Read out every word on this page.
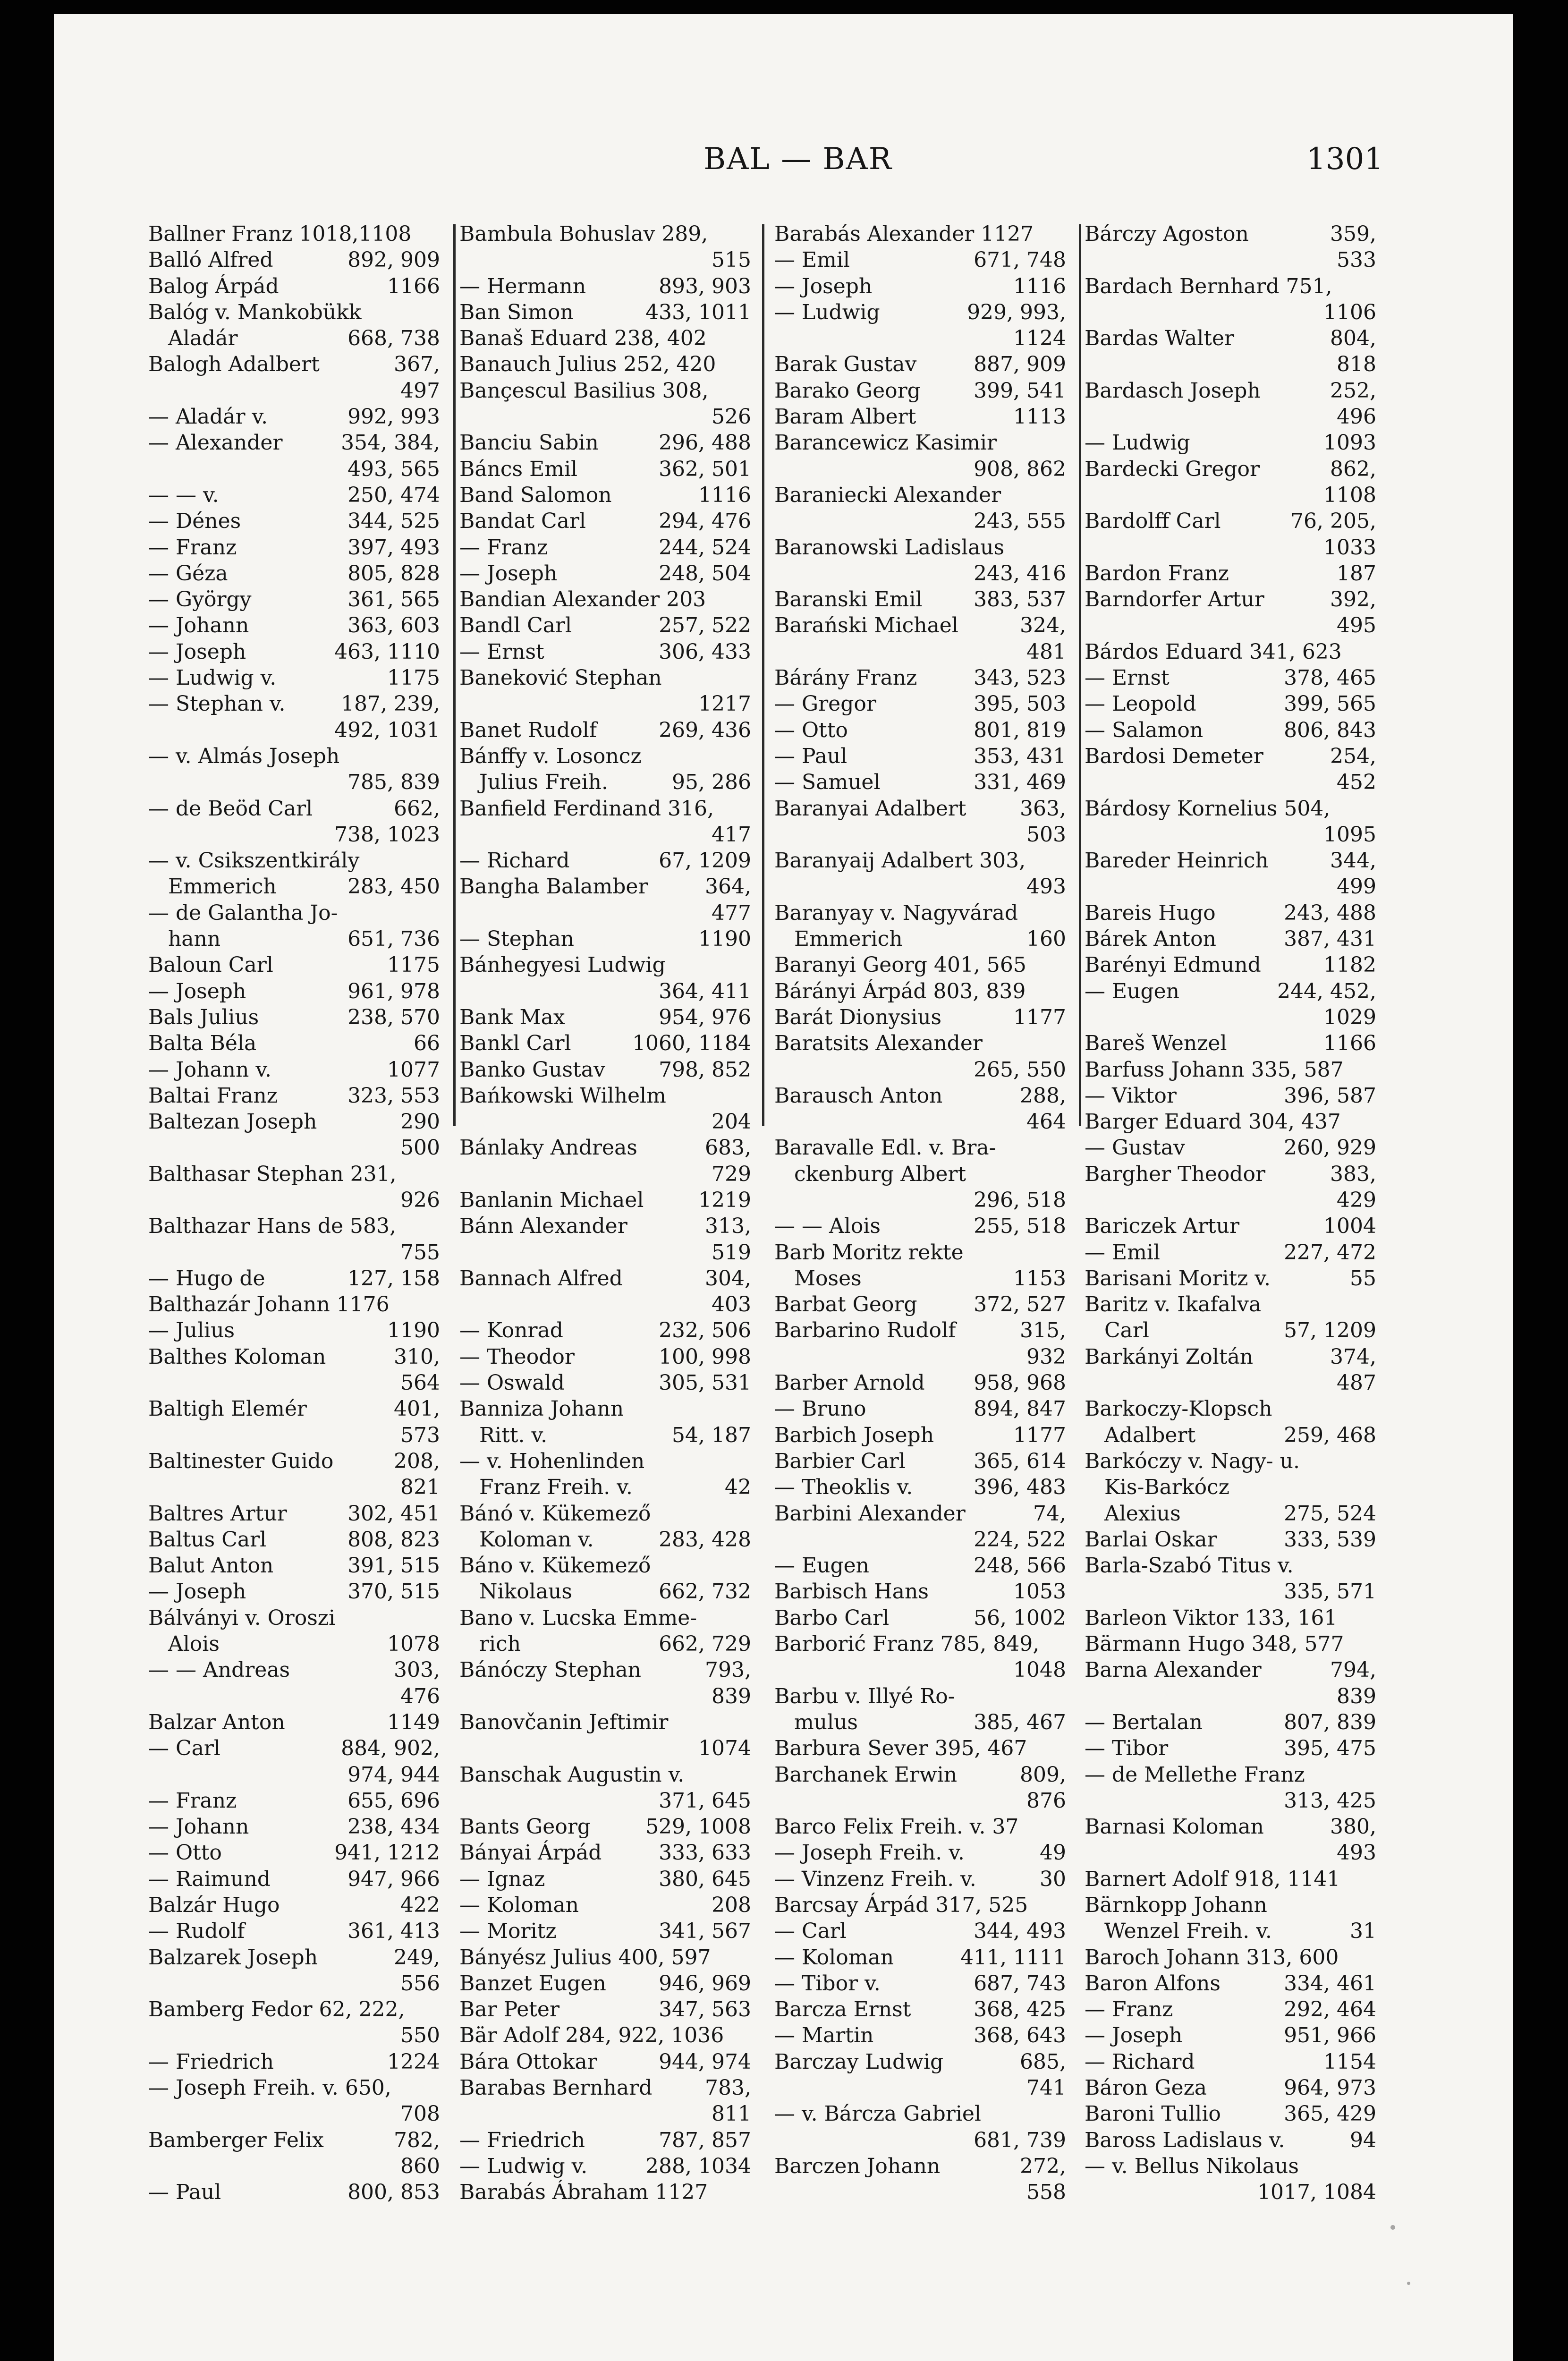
BAL — BAR	1301
Ballner Franz 1018,1108
Balló Alfred	892, 909
Balog Árpád	1166
Balóg v. Mankobükk
Aladár	668, 738
Balogh Adalbert	367,
497
— Aladár v.	992, 993
— Alexander	354, 384,
493, 565
— — v.	250, 474
— Dénes	344, 525
— Franz	397, 493
— Géza	805, 828
— György	361, 565
— Johann	363, 603
— Joseph	463, 1110
— Ludwig v.	1175
— Stephan v.	187, 239,
492, 1031
— v. Almás Joseph
785, 839
— de Beöd Carl	662,
738, 1023
— v. Csikszentkirály
Emmerich	283, 450
— de Galantha Jo-
hann	651, 736
Baloun Carl	1175
— Joseph	961, 978
Bals Julius	238, 570
Balta Béla	66
— Johann v.	1077
Baltai Franz	323, 553
Baltezan Joseph	290
500
Balthasar Stephan 231,
926
Balthazar Hans de 583,
755
— Hugo de	127, 158
Balthazár Johann 1176
— Julius	1190
Balthes Koloman	310,
564
Baltigh Elemér	401,
573
Baltinester Guido	208,
821
Baltres Artur	302, 451
Baltus Carl	808, 823
Balut Anton	391, 515
— Joseph	370, 515
Bálványi v. Oroszi
Alois	1078
— — Andreas	303,
476
Balzar Anton	1149
— Carl	884, 902,
974, 944
— Franz	655, 696
— Johann	238, 434
— Otto	941, 1212
— Raimund	947, 966
Balzár Hugo	422
— Rudolf	361, 413
Balzarek Joseph	249,
556
Bamberg Fedor 62, 222,
550
— Friedrich	1224
— Joseph Freih. v. 650,
708
Bamberger Felix	782,
860
— Paul	800, 853
Bambula Bohuslav 289,
515
— Hermann	893, 903
Ban Simon	433, 1011
Banaš Eduard 238, 402
Banauch Julius 252, 420
Bançescul Basilius 308,
526
Banciu Sabin	296, 488
Báncs Emil	362, 501
Band Salomon	1116
Bandat Carl	294, 476
— Franz	244, 524
— Joseph	248, 504
Bandian Alexander 203
Bandl Carl	257, 522
— Ernst	306, 433
Baneković Stephan
1217
Banet Rudolf	269, 436
Bánffy v. Losoncz
Julius Freih.	95, 286
Banfield Ferdinand 316,
417
— Richard	67, 1209
Bangha Balamber	364,
477
— Stephan	1190
Bánhegyesi Ludwig
364, 411
Bank Max	954, 976
Bankl Carl	1060, 1184
Banko Gustav	798, 852
Bańkowski Wilhelm
204
Bánlaky Andreas	683,
729
Banlanin Michael	1219
Bánn Alexander	313,
519
Bannach Alfred	304,
403
— Konrad	232, 506
— Theodor	100, 998
— Oswald	305, 531
Banniza Johann
Ritt. v.	54, 187
— v. Hohenlinden
Franz Freih. v.	42
Bánó v. Kükemező
Koloman v.	283, 428
Báno v. Kükemező
Nikolaus	662, 732
Bano v. Lucska Emme-
rich	662, 729
Bánóczy Stephan	793,
839
Banovčanin Jeftimir
1074
Banschak Augustin v.
371, 645
Bants Georg	529, 1008
Bányai Árpád	333, 633
— Ignaz	380, 645
— Koloman	208
— Moritz	341, 567
Bányész Julius 400, 597
Banzet Eugen	946, 969
Bar Peter	347, 563
Bär Adolf 284, 922, 1036
Bára Ottokar	944, 974
Barabas Bernhard	783,
811
— Friedrich	787, 857
— Ludwig v.	288, 1034
Barabás Ábraham 1127
Barabás Alexander 1127
— Emil	671, 748
— Joseph	1116
— Ludwig	929, 993,
1124
Barak Gustav	887, 909
Barako Georg	399, 541
Baram Albert	1113
Barancewicz Kasimir
908, 862
Baraniecki Alexander
243, 555
Baranowski Ladislaus
243, 416
Baranski Emil 383, 537
Barański Michael	324,
481
Bárány Franz	343, 523
— Gregor	395, 503
— Otto	801, 819
— Paul	353, 431
— Samuel	331, 469
Baranyai Adalbert	363,
503
Baranyaij Adalbert 303,
493
Baranyay v. Nagyvárad
Emmerich	160
Baranyi Georg 401, 565
Bárányi Árpád 803, 839
Barát Dionysius	1177
Baratsits Alexander
265, 550
Barausch Anton	288,
464
Baravalle Edl. v. Bra-
ckenburg Albert
296, 518
— — Alois	255, 518
Barb Moritz rekte
Moses	1153
Barbat Georg	372, 527
Barbarino Rudolf	315,
932
Barber Arnold 958, 968
— Bruno	894, 847
Barbich Joseph	1177
Barbier Carl	365, 614
— Theoklis v.	396, 483
Barbini Alexander	74,
224, 522
— Eugen	248, 566
Barbisch Hans	1053
Barbo Carl	56, 1002
Barborić Franz 785, 849,
1048
Barbu v. Illyé Ro-
mulus	385, 467
Barbura Sever 395, 467
Barchanek Erwin	809,
876
Barco Felix Freih. v. 37
— Joseph Freih. v.	49
— Vinzenz Freih. v.	30
Barcsay Árpád 317, 525
— Carl	344, 493
— Koloman	411, 1111
— Tibor v.	687, 743
Barcza Ernst	368, 425
— Martin	368, 643
Barczay Ludwig	685,
741
— v. Bárcza Gabriel
681, 739
Barczen Johann	272,
558
Bárczy Agoston	359,
533
Bardach Bernhard 751,
1106
Bardas Walter	804,
818
Bardasch Joseph	252,
496
— Ludwig	1093
Bardecki Gregor	862,
1108
Bardolff Carl	76, 205,
1033
Bardon Franz	187
Barndorfer Artur	392,
495
Bárdos Eduard 341, 623
— Ernst	378, 465
— Leopold	399, 565
— Salamon	806, 843
Bardosi Demeter	254,
452
Bárdosy Kornelius 504,
1095
Bareder Heinrich	344,
499
Bareis Hugo	243, 488
Bárek Anton	387, 431
Barényi Edmund	1182
— Eugen	244, 452,
1029
Bareš Wenzel	1166
Barfuss Johann 335, 587
— Viktor	396, 587
Barger Eduard 304, 437
— Gustav	260, 929
Bargher Theodor	383,
429
Bariczek Artur	1004
— Emil	227, 472
Barisani Moritz v.	55
Baritz v. Ikafalva
Carl	57, 1209
Barkányi Zoltán	374,
487
Barkoczy-Klopsch
Adalbert	259, 468
Barkóczy v. Nagy- u.
Kis-Barkócz
Alexius	275, 524
Barlai Oskar	333, 539
Barla-Szabó Titus v.
335, 571
Barleon Viktor 133, 161
Bärmann Hugo 348, 577
Barna Alexander	794,
839
— Bertalan	807, 839
— Tibor	395, 475
— de Mellethe Franz
313, 425
Barnasi Koloman	380,
493
Barnert Adolf 918, 1141
Bärnkopp Johann
Wenzel Freih. v.	31
Baroch Johann 313, 600
Baron Alfons	334, 461
— Franz	292, 464
— Joseph	951, 966
— Richard	1154
Báron Geza	964, 973
Baroni Tullio	365, 429
Baross Ladislaus v.	94
— v. Bellus Nikolaus
1017, 1084
